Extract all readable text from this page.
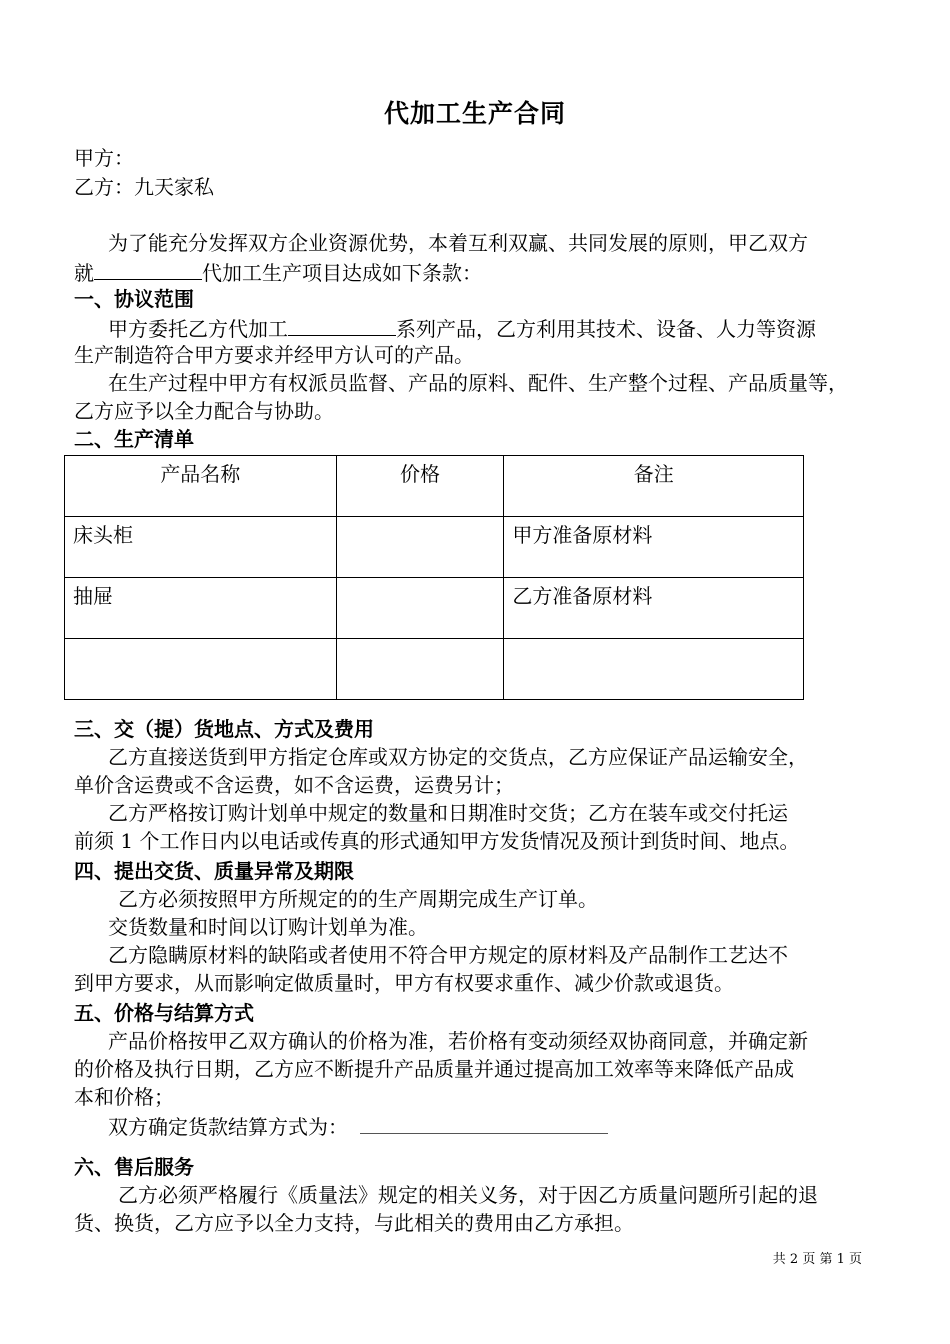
代加工生产合同
甲方：
乙方：九天家私
为了能充分发挥双方企业资源优势，本着互利双赢、共同发展的原则，甲乙双方
就	代加工生产项目达成如下条款：
一、协议范围
甲方委托乙方代加工	系列产品，乙方利用其技术、设备、人力等资源
生产制造符合甲方要求并经甲方认可的产品。
在生产过程中甲方有权派员监督、产品的原料、配件、生产整个过程、产品质量等，
乙方应予以全力配合与协助。
二、生产清单
产品名称	价格	备注
床头柜		甲方准备原材料
抽屉		乙方准备原材料

三、交（提）货地点、方式及费用
乙方直接送货到甲方指定仓库或双方协定的交货点，乙方应保证产品运输安全，
单价含运费或不含运费，如不含运费，运费另计；
乙方严格按订购计划单中规定的数量和日期准时交货；乙方在装车或交付托运
前须 1 个工作日内以电话或传真的形式通知甲方发货情况及预计到货时间、地点。
四、提出交货、质量异常及期限
乙方必须按照甲方所规定的的生产周期完成生产订单。
交货数量和时间以订购计划单为准。
乙方隐瞒原材料的缺陷或者使用不符合甲方规定的原材料及产品制作工艺达不
到甲方要求，从而影响定做质量时，甲方有权要求重作、减少价款或退货。
五、价格与结算方式
产品价格按甲乙双方确认的价格为准，若价格有变动须经双协商同意，并确定新
的价格及执行日期，乙方应不断提升产品质量并通过提高加工效率等来降低产品成
本和价格；
双方确定货款结算方式为：
六、售后服务
乙方必须严格履行《质量法》规定的相关义务，对于因乙方质量问题所引起的退
货、换货，乙方应予以全力支持，与此相关的费用由乙方承担。
共 2 页 第 1 页
